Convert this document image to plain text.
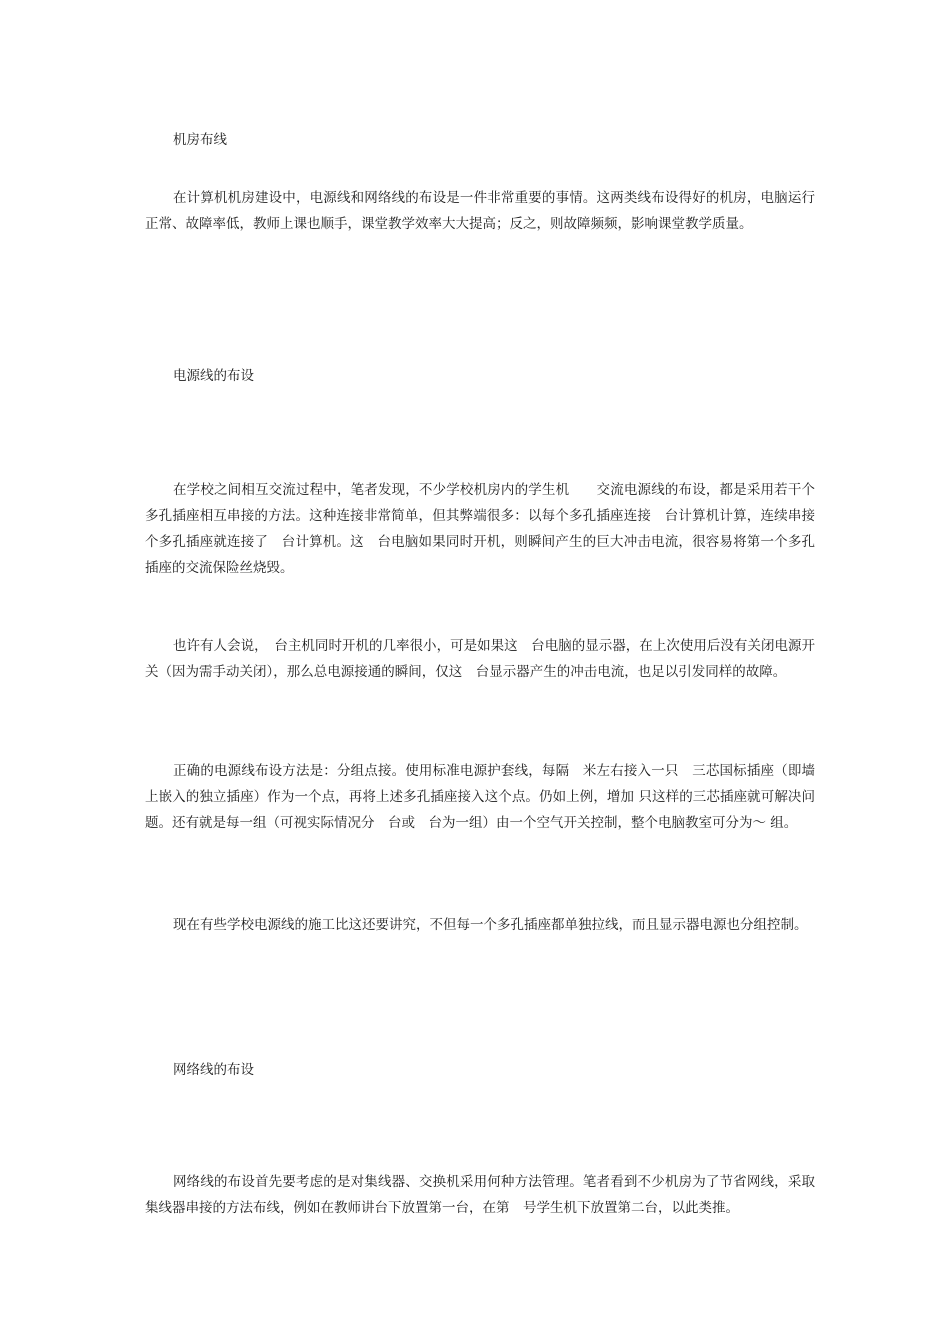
机房布线

在计算机机房建设中，电源线和网络线的布设是一件非常重要的事情。这两类线布设得好的机房，电脑运行正常、故障率低，教师上课也顺手，课堂教学效率大大提高；反之，则故障频频，影响课堂教学质量。

电源线的布设

在学校之间相互交流过程中，笔者发现，不少学校机房内的学生机　　交流电源线的布设，都是采用若干个多孔插座相互串接的方法。这种连接非常简单，但其弊端很多：以每个多孔插座连接　台计算机计算，连续串接　个多孔插座就连接了　台计算机。这　台电脑如果同时开机，则瞬间产生的巨大冲击电流，很容易将第一个多孔插座的交流保险丝烧毁。

也许有人会说，　台主机同时开机的几率很小，可是如果这　台电脑的显示器，在上次使用后没有关闭电源开关（因为需手动关闭），那么总电源接通的瞬间，仅这　台显示器产生的冲击电流，也足以引发同样的故障。

正确的电源线布设方法是：分组点接。使用标准电源护套线，每隔　米左右接入一只　三芯国标插座（即墙上嵌入的独立插座）作为一个点，再将上述多孔插座接入这个点。仍如上例，增加 只这样的三芯插座就可解决问题。还有就是每一组（可视实际情况分　台或　台为一组）由一个空气开关控制，整个电脑教室可分为～ 组。

现在有些学校电源线的施工比这还要讲究，不但每一个多孔插座都单独拉线，而且显示器电源也分组控制。

网络线的布设

网络线的布设首先要考虑的是对集线器、交换机采用何种方法管理。笔者看到不少机房为了节省网线，采取集线器串接的方法布线，例如在教师讲台下放置第一台，在第　号学生机下放置第二台，以此类推。
